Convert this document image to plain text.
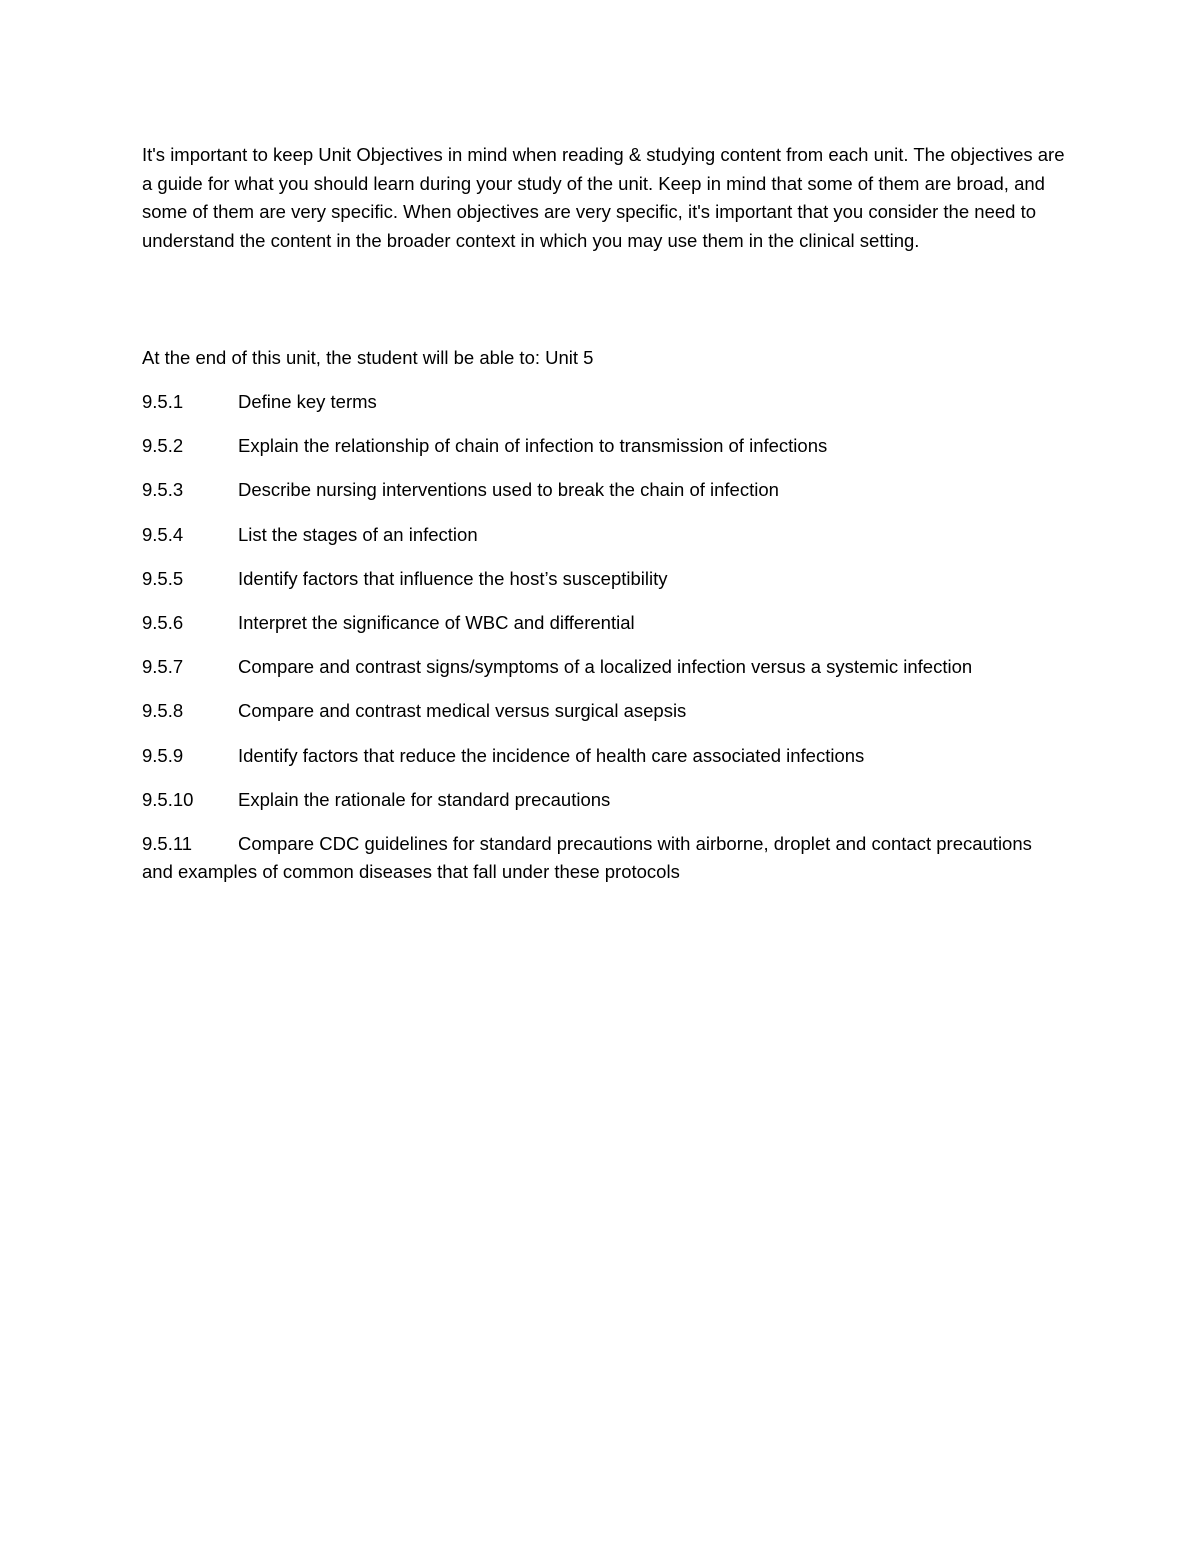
It's important to keep Unit Objectives in mind when reading & studying content from each unit. The objectives are a guide for what you should learn during your study of the unit. Keep in mind that some of them are broad, and some of them are very specific. When objectives are very specific, it's important that you consider the need to understand the content in the broader context in which you may use them in the clinical setting.

At the end of this unit, the student will be able to: Unit 5

9.5.1	Define key terms
9.5.2	Explain the relationship of chain of infection to transmission of infections
9.5.3	Describe nursing interventions used to break the chain of infection
9.5.4	List the stages of an infection
9.5.5	Identify factors that influence the host’s susceptibility
9.5.6	Interpret the significance of WBC and differential
9.5.7	Compare and contrast signs/symptoms of a localized infection versus a systemic infection
9.5.8	Compare and contrast medical versus surgical asepsis
9.5.9	Identify factors that reduce the incidence of health care associated infections
9.5.10 Explain the rationale for standard precautions
9.5.11 Compare CDC guidelines for standard precautions with airborne, droplet and contact precautions and examples of common diseases that fall under these protocols
